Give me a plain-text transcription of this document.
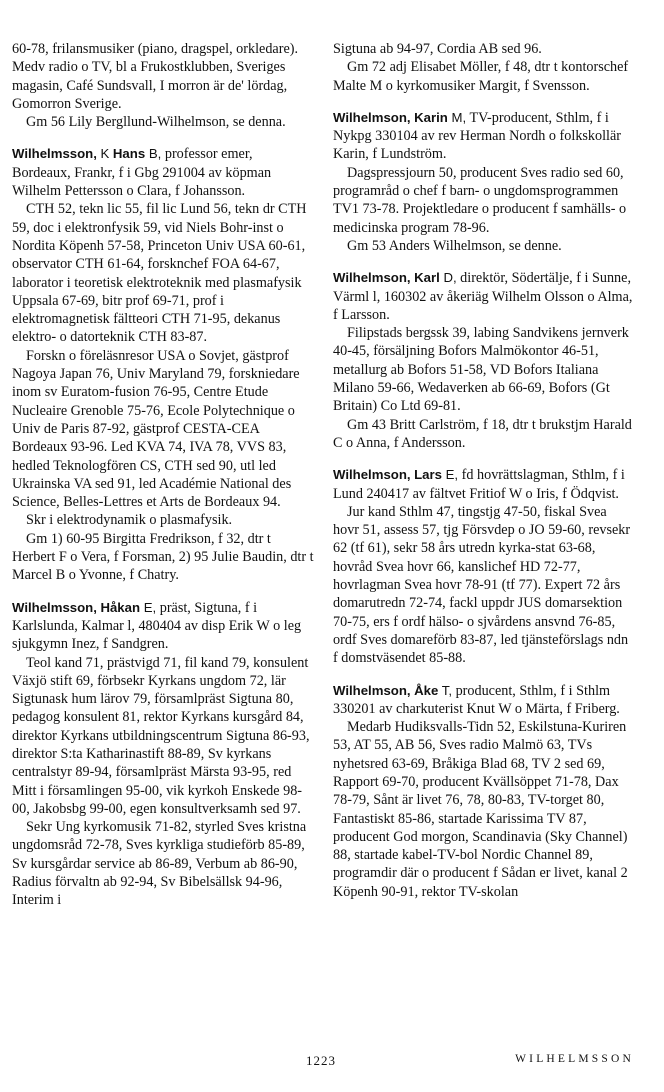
60-78, frilansmusiker (piano, dragspel, orkledare). Medv radio o TV, bl a Frukostklubben, Sveriges magasin, Café Sundsvall, I morron är de' lördag, Gomorron Sverige.

Gm 56 Lily Bergllund-Wilhelmson, se denna.

Wilhelmsson, K Hans B, professor emer, Bordeaux, Frankr, f i Gbg 291004 av köpman Wilhelm Pettersson o Clara, f Johansson.

CTH 52, tekn lic 55, fil lic Lund 56, tekn dr CTH 59, doc i elektronfysik 59, vid Niels Bohr-inst o Nordita Köpenh 57-58, Princeton Univ USA 60-61, observator CTH 61-64, forsknchef FOA 64-67, laborator i teoretisk elektroteknik med plasmafysik Uppsala 67-69, bitr prof 69-71, prof i elektromagnetisk fältteori CTH 71-95, dekanus elektro- o datorteknik CTH 83-87.

Forskn o föreläsnresor USA o Sovjet, gästprof Nagoya Japan 76, Univ Maryland 79, forskniedare inom sv Euratom-fusion 76-95, Centre Etude Nucleaire Grenoble 75-76, Ecole Polytechnique o Univ de Paris 87-92, gästprof CESTA-CEA Bordeaux 93-96. Led KVA 74, IVA 78, VVS 83, hedled Teknologfören CS, CTH sed 90, utl led Ukrainska VA sed 91, led Académie National des Science, Belles-Lettres et Arts de Bordeaux 94.

Skr i elektrodynamik o plasmafysik.

Gm 1) 60-95 Birgitta Fredrikson, f 32, dtr t Herbert F o Vera, f Forsman, 2) 95 Julie Baudin, dtr t Marcel B o Yvonne, f Chatry.

Wilhelmsson, Håkan E, präst, Sigtuna, f i Karlslunda, Kalmar l, 480404 av disp Erik W o leg sjukgymn Inez, f Sandgren.

Teol kand 71, prästvigd 71, fil kand 79, konsulent Växjö stift 69, förbsekr Kyrkans ungdom 72, lär Sigtunask hum lärov 79, församlpräst Sigtuna 80, pedagog konsulent 81, rektor Kyrkans kursgård 84, direktor Kyrkans utbildningscentrum Sigtuna 86-93, direktor S:ta Katharinastift 88-89, Sv kyrkans centralstyr 89-94, församlpräst Märsta 93-95, red Mitt i församlingen 95-00, vik kyrkoh Enskede 98-00, Jakobsbg 99-00, egen konsultverksamh sed 97.

Sekr Ung kyrkomusik 71-82, styrled Sves kristna ungdomsråd 72-78, Sves kyrkliga studieförb 85-89, Sv kursgårdar service ab 86-89, Verbum ab 86-90, Radius förvaltn ab 92-94, Sv Bibelsällsk 94-96, Interim i

Sigtuna ab 94-97, Cordia AB sed 96.

Gm 72 adj Elisabet Möller, f 48, dtr t kontorschef Malte M o kyrkomusiker Margit, f Svensson.

Wilhelmson, Karin M, TV-producent, Sthlm, f i Nykpg 330104 av rev Herman Nordh o folkskollär Karin, f Lundström.

Dagspressjourn 50, producent Sves radio sed 60, programråd o chef f barn- o ungdomsprogrammen TV1 73-78. Projektledare o producent f samhälls- o medicinska program 78-96.

Gm 53 Anders Wilhelmson, se denne.

Wilhelmson, Karl D, direktör, Södertälje, f i Sunne, Värml l, 160302 av åkeriäg Wilhelm Olsson o Alma, f Larsson.

Filipstads bergssk 39, labing Sandvikens jernverk 40-45, försäljning Bofors Malmökontor 46-51, metallurg ab Bofors 51-58, VD Bofors Italiana Milano 59-66, Wedaverken ab 66-69, Bofors (Gt Britain) Co Ltd 69-81.

Gm 43 Britt Carlström, f 18, dtr t brukstjm Harald C o Anna, f Andersson.

Wilhelmson, Lars E, fd hovrättslagman, Sthlm, f i Lund 240417 av fältvet Fritiof W o Iris, f Ödqvist.

Jur kand Sthlm 47, tingstjg 47-50, fiskal Svea hovr 51, assess 57, tjg Försvdep o JO 59-60, revsekr 62 (tf 61), sekr 58 års utredn kyrka-stat 63-68, hovråd Svea hovr 66, kanslichef HD 72-77, hovrlagman Svea hovr 78-91 (tf 77). Expert 72 års domarutredn 72-74, fackl uppdr JUS domarsektion 70-75, ers f ordf hälso- o sjvårdens ansvnd 76-85, ordf Sves domareförb 83-87, led tjänsteförslags ndn f domstväsendet 85-88.

Wilhelmson, Åke T, producent, Sthlm, f i Sthlm 330201 av charkuterist Knut W o Märta, f Friberg.

Medarb Hudiksvalls-Tidn 52, Eskilstuna-Kuriren 53, AT 55, AB 56, Sves radio Malmö 63, TVs nyhetsred 63-69, Bråkiga Blad 68, TV 2 sed 69, Rapport 69-70, producent Kvällsöppet 71-78, Dax 78-79, Sånt är livet 76, 78, 80-83, TV-torget 80, Fantastiskt 85-86, startade Karissima TV 87, producent God morgon, Scandinavia (Sky Channel) 88, startade kabel-TV-bol Nordic Channel 89, programdir där o producent f Sådan er livet, kanal 2 Köpenh 90-91, rektor TV-skolan

1223	WILHELMSSON
